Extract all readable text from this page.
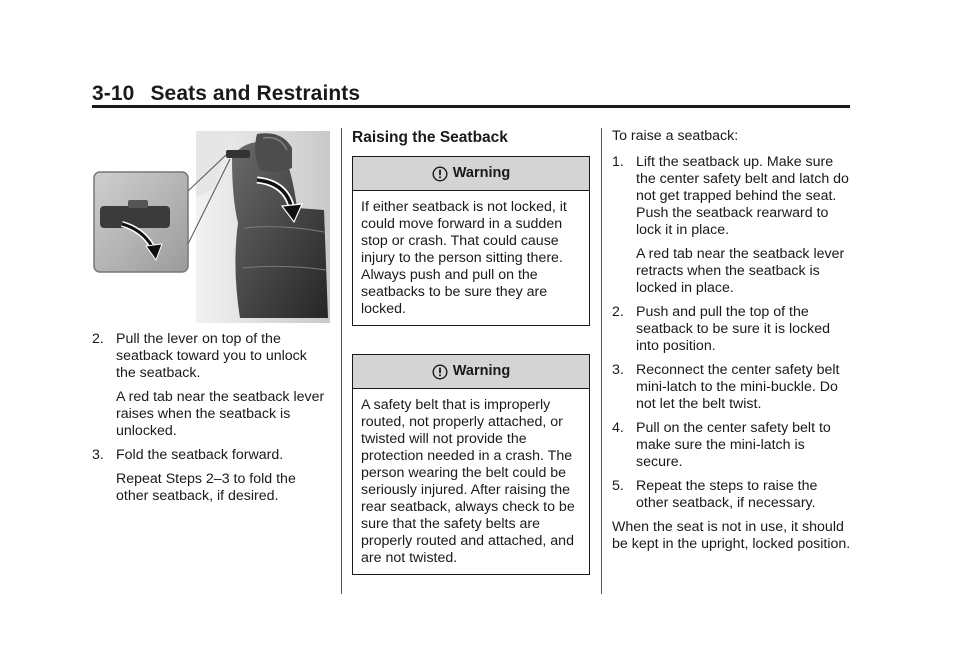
3-10 Seats and Restraints
2. Pull the lever on top of the seatback toward you to unlock the seatback.
A red tab near the seatback lever raises when the seatback is unlocked.
3. Fold the seatback forward.
Repeat Steps 2–3 to fold the other seatback, if desired.
Raising the Seatback
Warning
If either seatback is not locked, it could move forward in a sudden stop or crash. That could cause injury to the person sitting there. Always push and pull on the seatbacks to be sure they are locked.
Warning
A safety belt that is improperly routed, not properly attached, or twisted will not provide the protection needed in a crash. The person wearing the belt could be seriously injured. After raising the rear seatback, always check to be sure that the safety belts are properly routed and attached, and are not twisted.
To raise a seatback:
1. Lift the seatback up. Make sure the center safety belt and latch do not get trapped behind the seat. Push the seatback rearward to lock it in place.
A red tab near the seatback lever retracts when the seatback is locked in place.
2. Push and pull the top of the seatback to be sure it is locked into position.
3. Reconnect the center safety belt mini-latch to the mini-buckle. Do not let the belt twist.
4. Pull on the center safety belt to make sure the mini-latch is secure.
5. Repeat the steps to raise the other seatback, if necessary.
When the seat is not in use, it should be kept in the upright, locked position.
